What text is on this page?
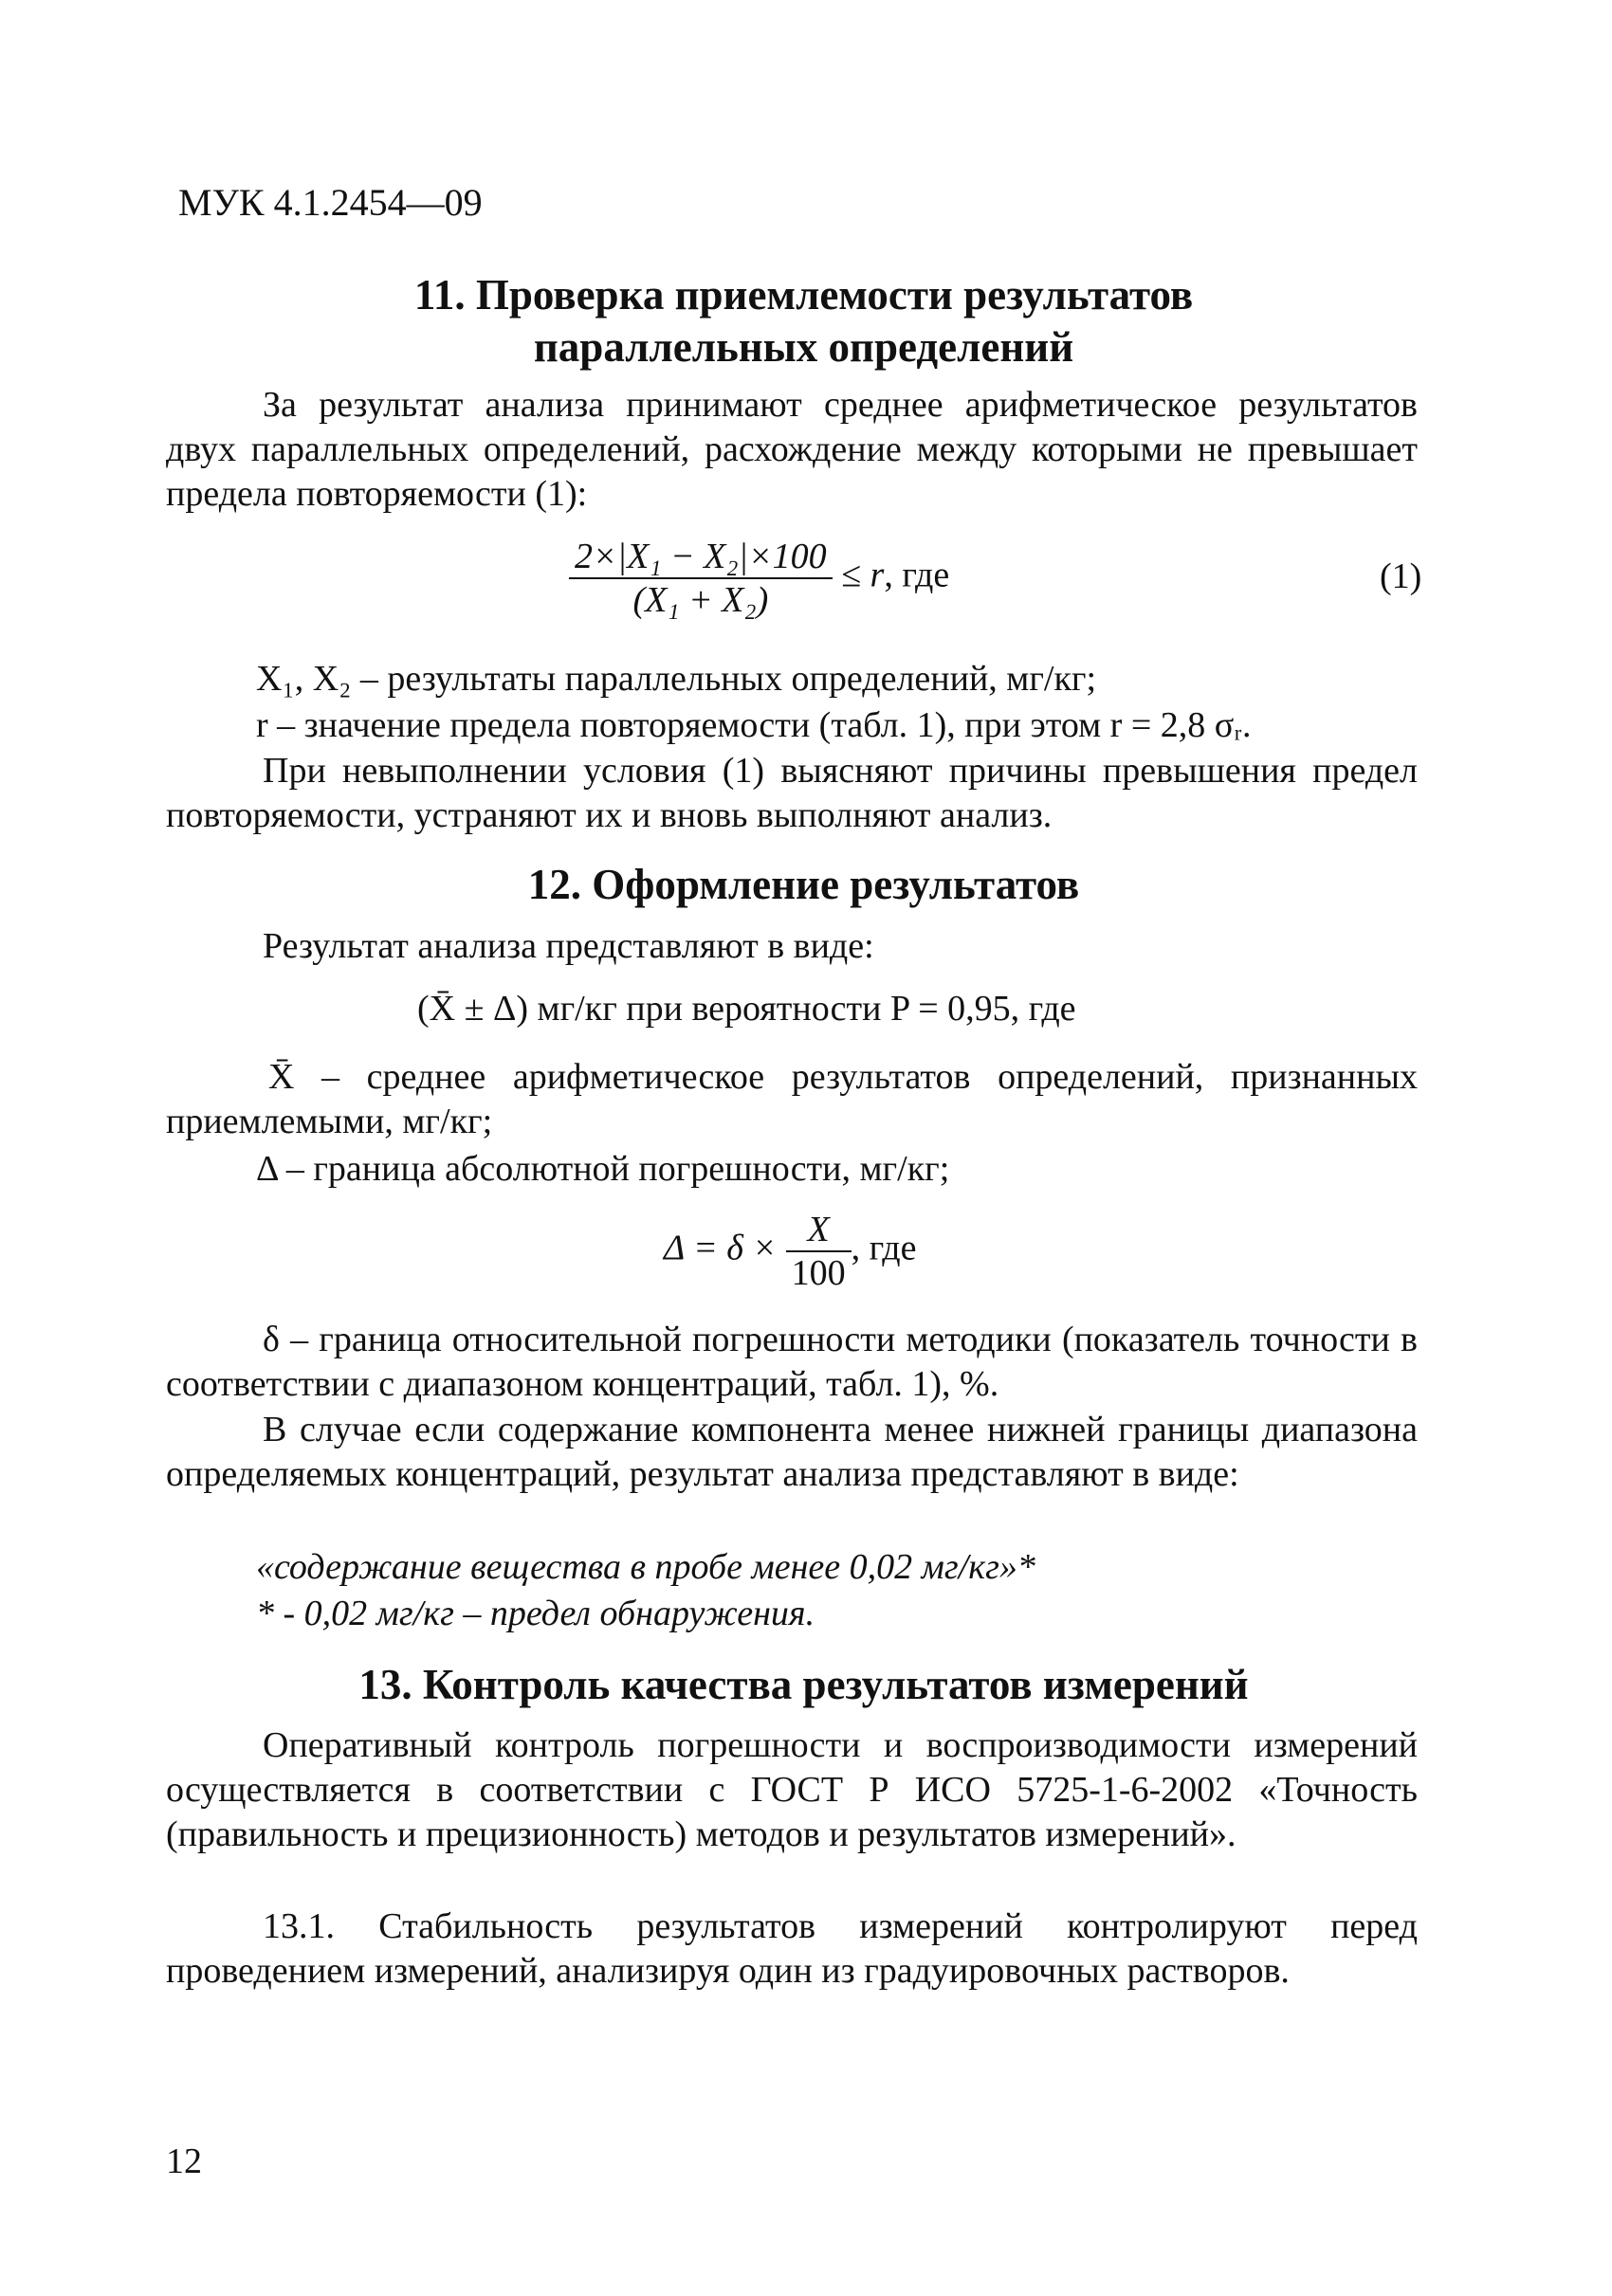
МУК 4.1.2454—09
11. Проверка приемлемости результатов
параллельных определений

За результат анализа принимают среднее арифметическое результатов двух параллельных определений, расхождение между которыми не превышает предела повторяемости (1):

$\frac{\text{2×|X₁ − X₂|×100}}{\text{(X₁ + X₂)}} \le r$, где	(1)
X₁, X₂ – результаты параллельных определений, мг/кг;
r – значение предела повторяемости (табл. 1), при этом r = 2,8 σᵣ.

При невыполнении условия (1) выясняют причины превышения предел повторяемости, устраняют их и вновь выполняют анализ.

12. Оформление результатов
Результат анализа представляют в виде:
(X̄ ± Δ) мг/кг при вероятности P = 0,95, где

X̄ – среднее арифметическое результатов определений, признанных приемлемыми, мг/кг;

Δ – граница абсолютной погрешности, мг/кг;
$\Delta = \delta \times \frac{X}{100}$ , где

δ – граница относительной погрешности методики (показатель точности в соответствии с диапазоном концентраций, табл. 1), %.

В случае если содержание компонента менее нижней границы диапазона определяемых концентраций, результат анализа представляют в виде:

«содержание вещества в пробе менее 0,02 мг/кг»*
* - 0,02 мг/кг – предел обнаружения.
13. Контроль качества результатов измерений

Оперативный контроль погрешности и воспроизводимости измерений осуществляется в соответствии с ГОСТ Р ИСО 5725-1-6-2002 «Точность (правильность и прецизионность) методов и результатов измерений».

13.1. Стабильность результатов измерений контролируют перед проведением измерений, анализируя один из градуировочных растворов.

12
